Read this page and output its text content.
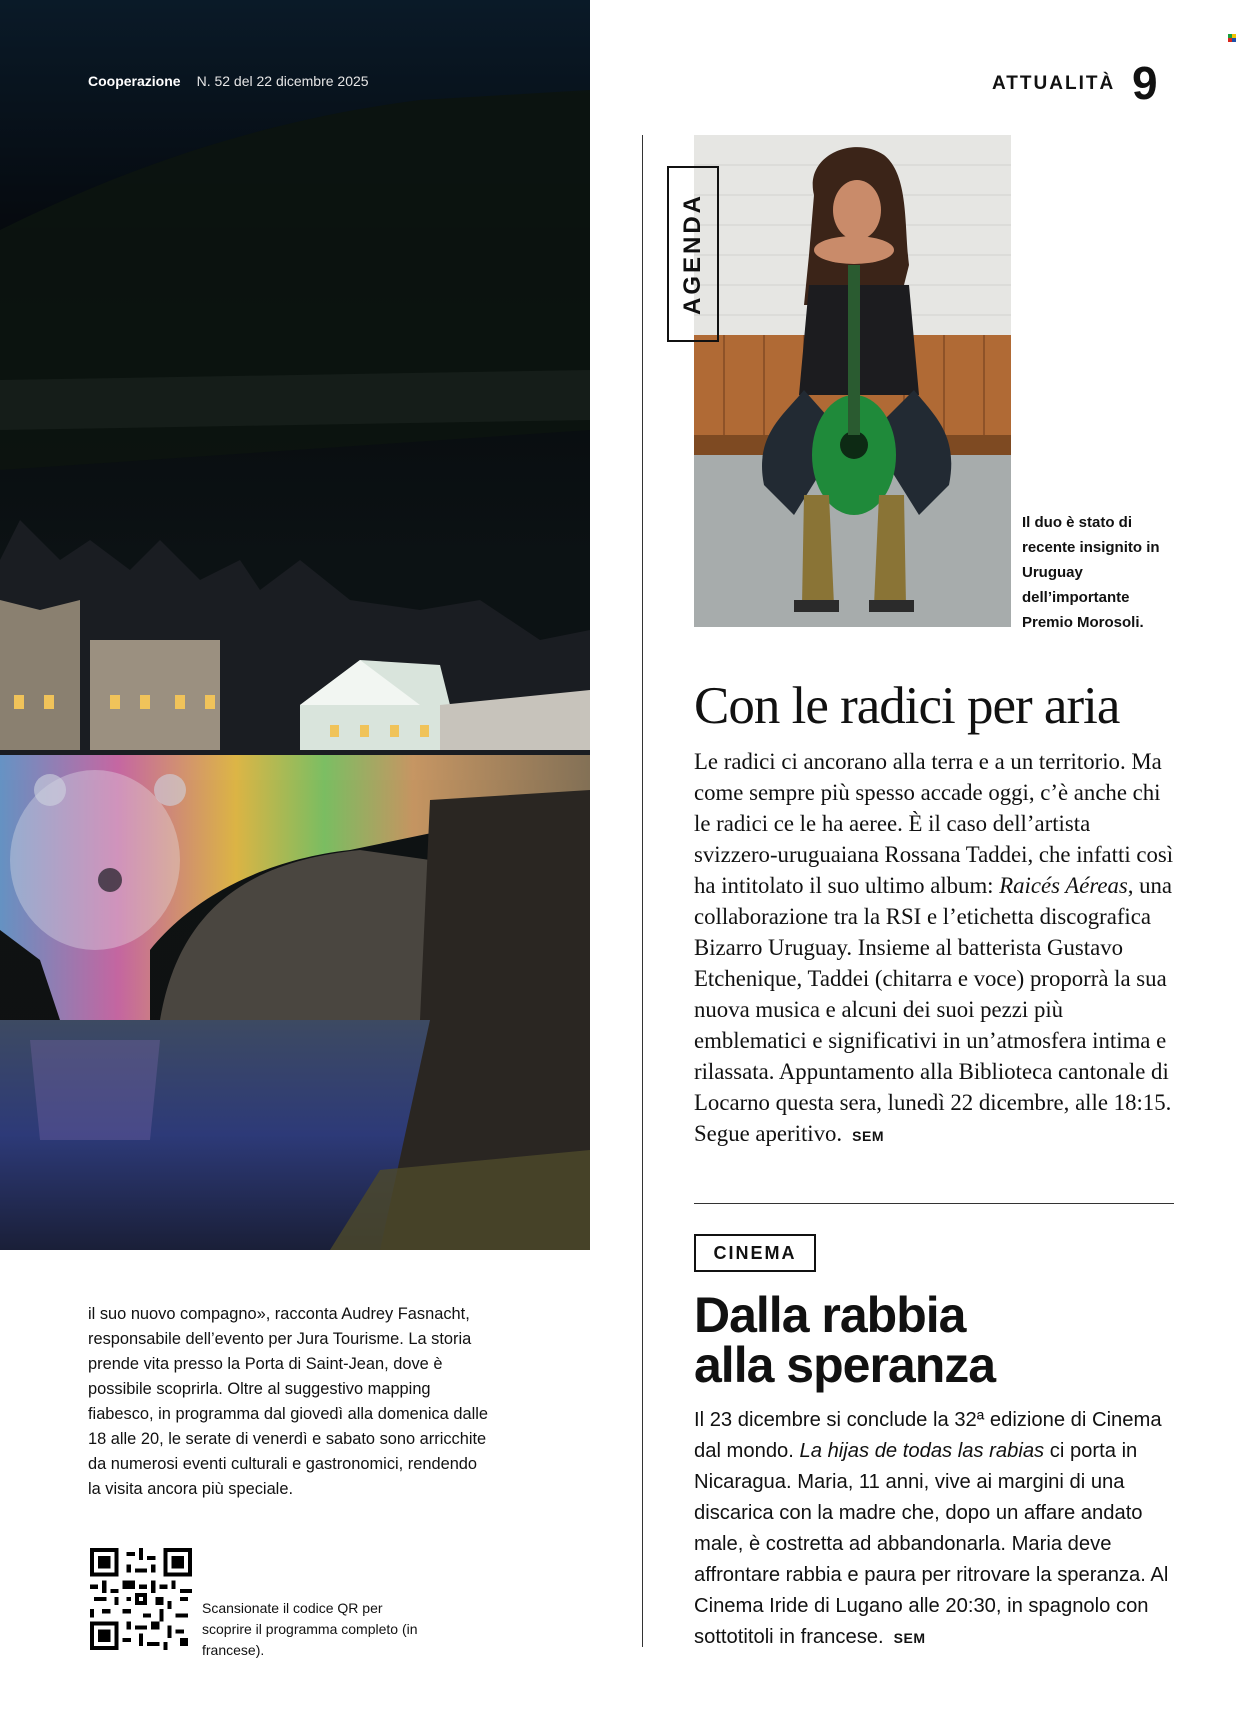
Cooperazione N. 52 del 22 dicembre 2025	ATTUALITÀ 9
AGENDA
Il duo è stato di recente insignito in Uruguay dell’importante Premio Morosoli.
Con le radici per aria

Le radici ci ancorano alla terra e a un territorio. Ma come sempre più spesso accade oggi, c’è anche chi le radici ce le ha aeree. È il caso dell’artista svizzero-uruguaiana Rossana Taddei, che infatti così ha intitolato il suo ultimo album: Raicés Aéreas, una collaborazione tra la RSI e l’etichetta discografica Bizarro Uruguay. Insieme al batterista Gustavo Etchenique, Taddei (chitarra e voce) proporrà la sua nuova musica e alcuni dei suoi pezzi più emblematici e significativi in un’atmosfera intima e rilassata. Appuntamento alla Biblioteca cantonale di Locarno questa sera, lunedì 22 dicembre, alle 18:15. Segue aperitivo. SEM

CINEMA
Dalla rabbia
alla speranza

Il 23 dicembre si conclude la 32ª edizione di Cinema dal mondo. La hijas de todas las rabias ci porta in Nicaragua. Maria, 11 anni, vive ai margini di una discarica con la madre che, dopo un affare andato male, è costretta ad abbandonarla. Maria deve affrontare rabbia e paura per ritrovare la speranza. Al Cinema Iride di Lugano alle 20:30, in spagnolo con sottotitoli in francese. SEM

il suo nuovo compagno», racconta Audrey Fasnacht, responsabile dell’evento per Jura Tourisme. La storia prende vita presso la Porta di Saint-Jean, dove è possibile scoprirla. Oltre al suggestivo mapping fiabesco, in programma dal giovedì alla domenica dalle 18 alle 20, le serate di venerdì e sabato sono arricchite da numerosi eventi culturali e gastronomici, rendendo la visita ancora più speciale.

Scansionate il codice QR per scoprire il programma completo (in francese).
